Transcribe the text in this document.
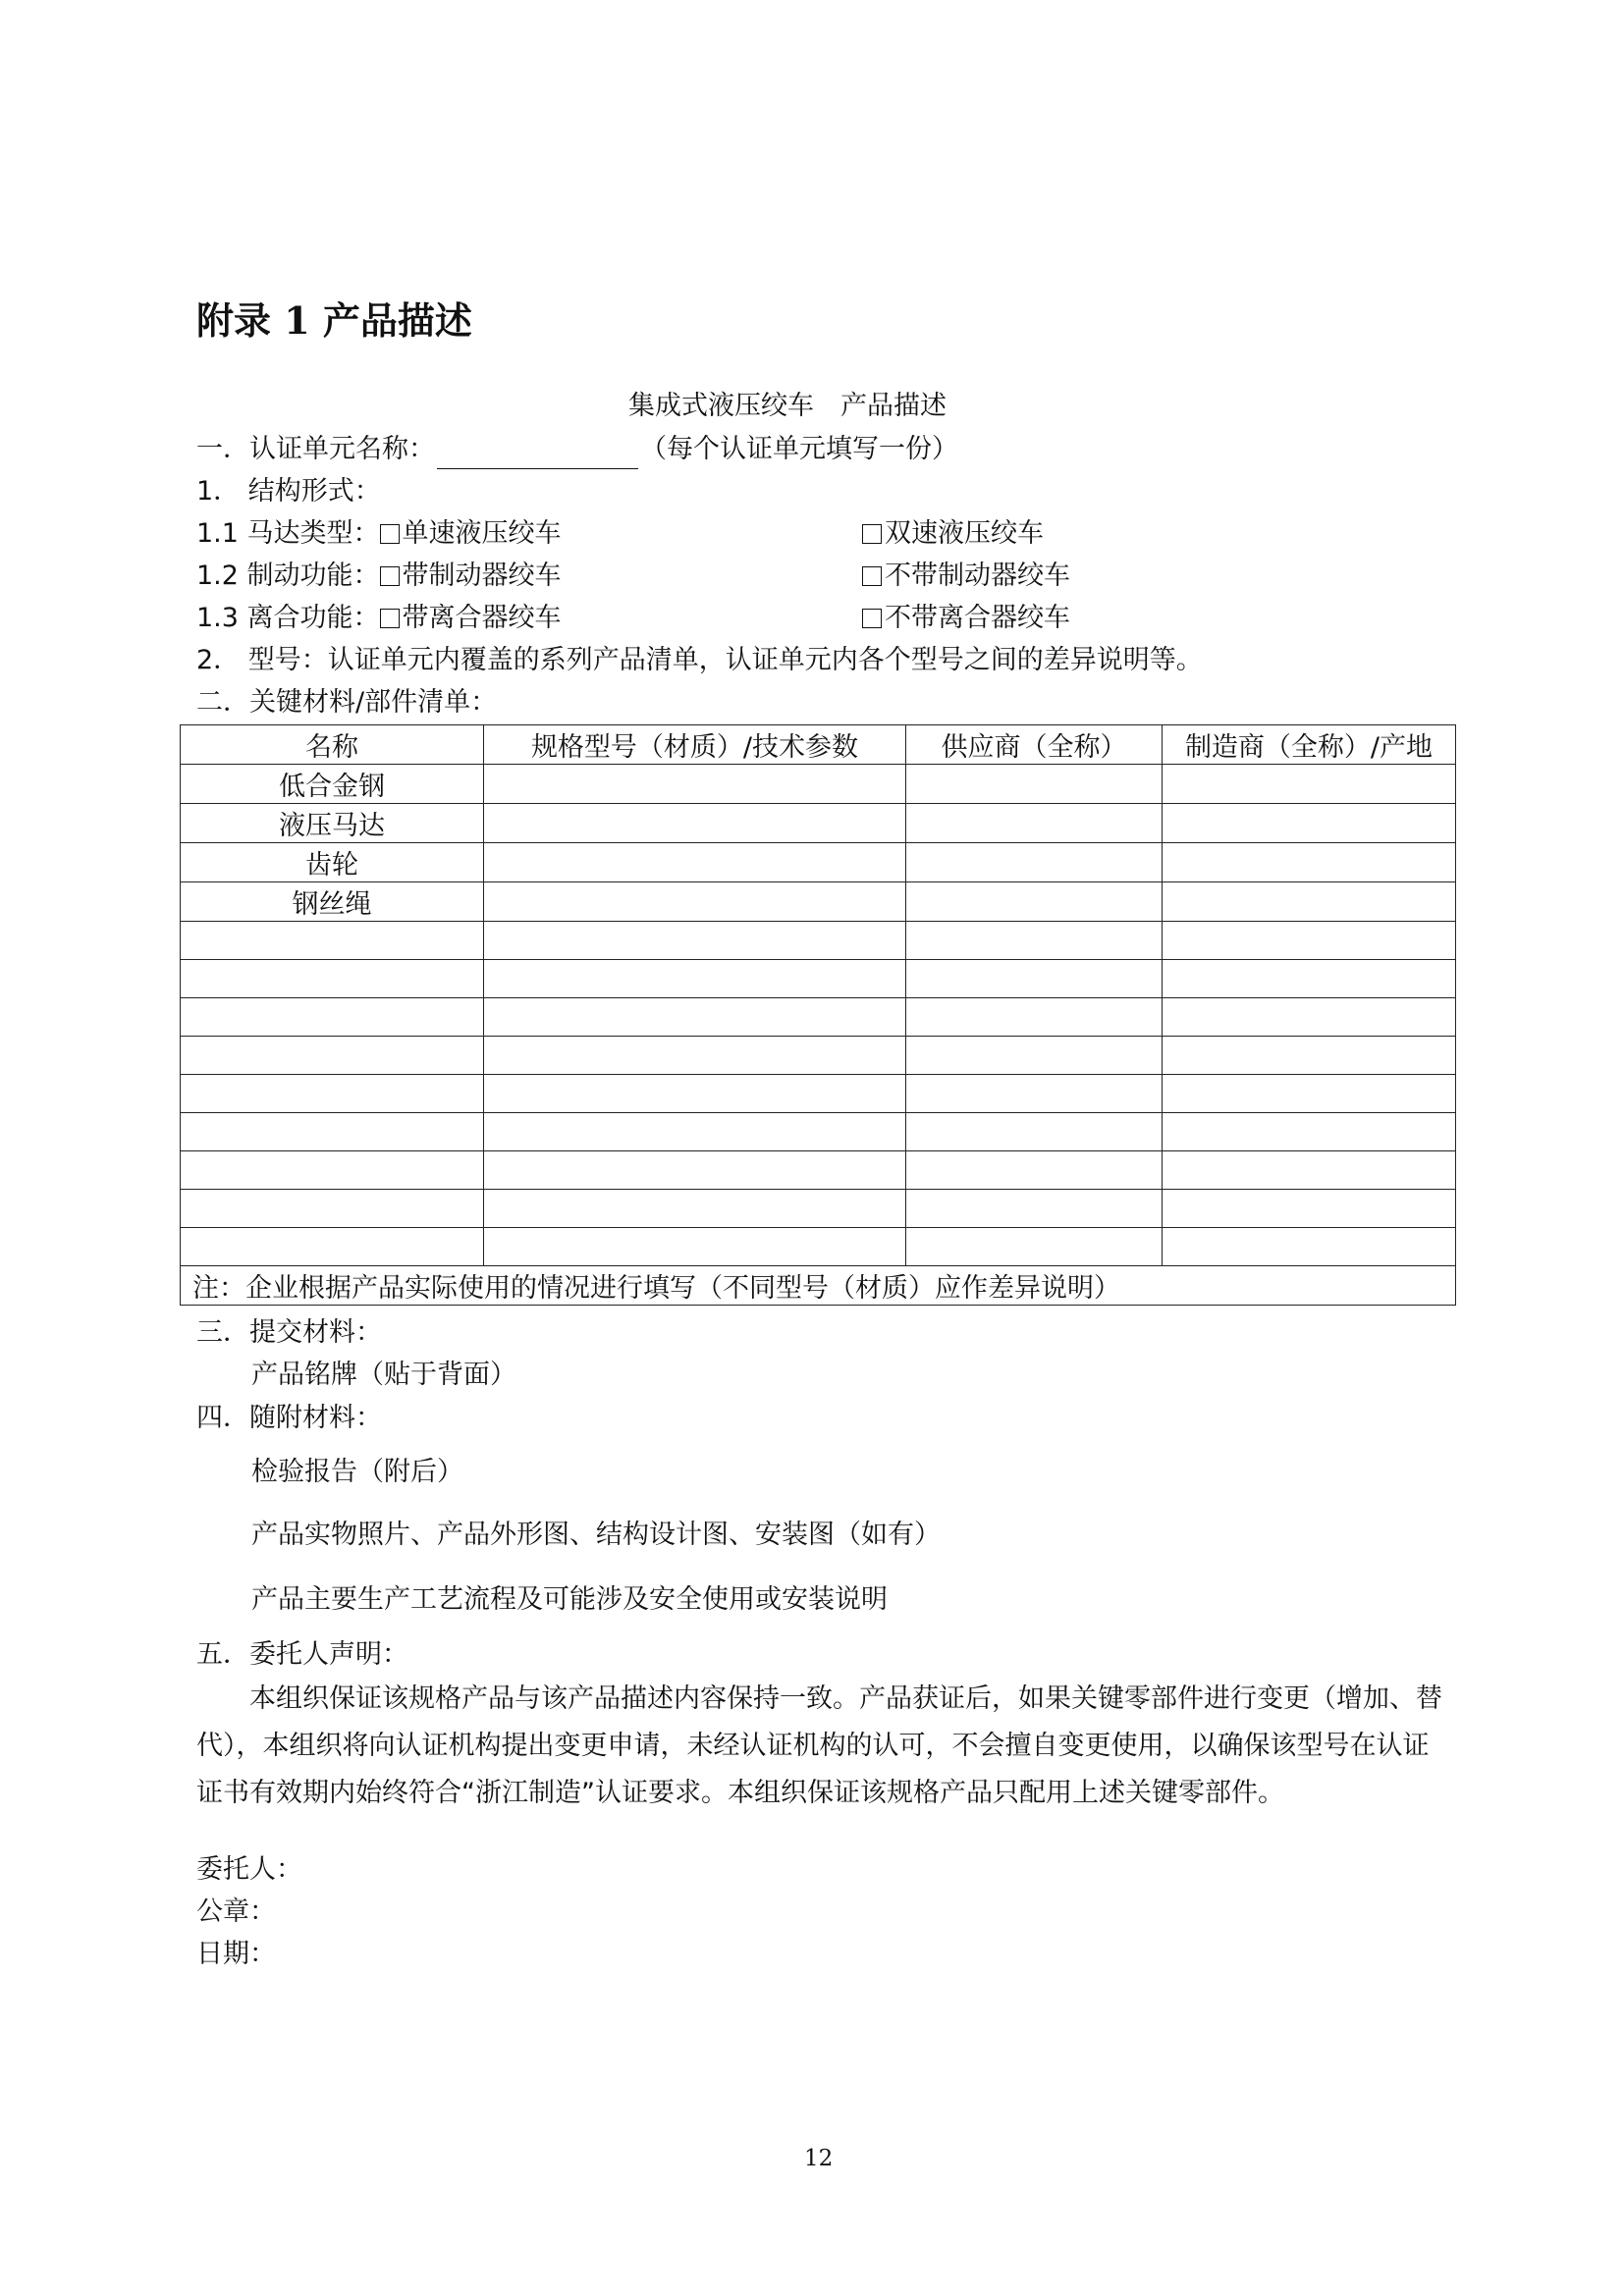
附录 1 产品描述
集成式液压绞车　产品描述
一．认证单元名称：	（每个认证单元填写一份）
1． 结构形式：
1.1 马达类型： 单速液压绞车	双速液压绞车
1.2 制动功能： 带制动器绞车	不带制动器绞车
1.3 离合功能： 带离合器绞车	不带离合器绞车
2． 型号：认证单元内覆盖的系列产品清单，认证单元内各个型号之间的差异说明等。
二．关键材料/部件清单：
名称	规格型号（材质）/技术参数	供应商（全称）	制造商（全称）/产地
低合金钢			
液压马达			
齿轮			
钢丝绳			

注：企业根据产品实际使用的情况进行填写（不同型号（材质）应作差异说明）			
三．提交材料：
产品铭牌（贴于背面）
四．随附材料：
检验报告（附后）
产品实物照片、产品外形图、结构设计图、安装图（如有）
产品主要生产工艺流程及可能涉及安全使用或安装说明
五．委托人声明：
本组织保证该规格产品与该产品描述内容保持一致。产品获证后，如果关键零部件进行变更（增加、替代），本组织将向认证机构提出变更申请，未经认证机构的认可，不会擅自变更使用，以确保该型号在认证证书有效期内始终符合“浙江制造”认证要求。本组织保证该规格产品只配用上述关键零部件。
委托人：
公章：
日期：
12
